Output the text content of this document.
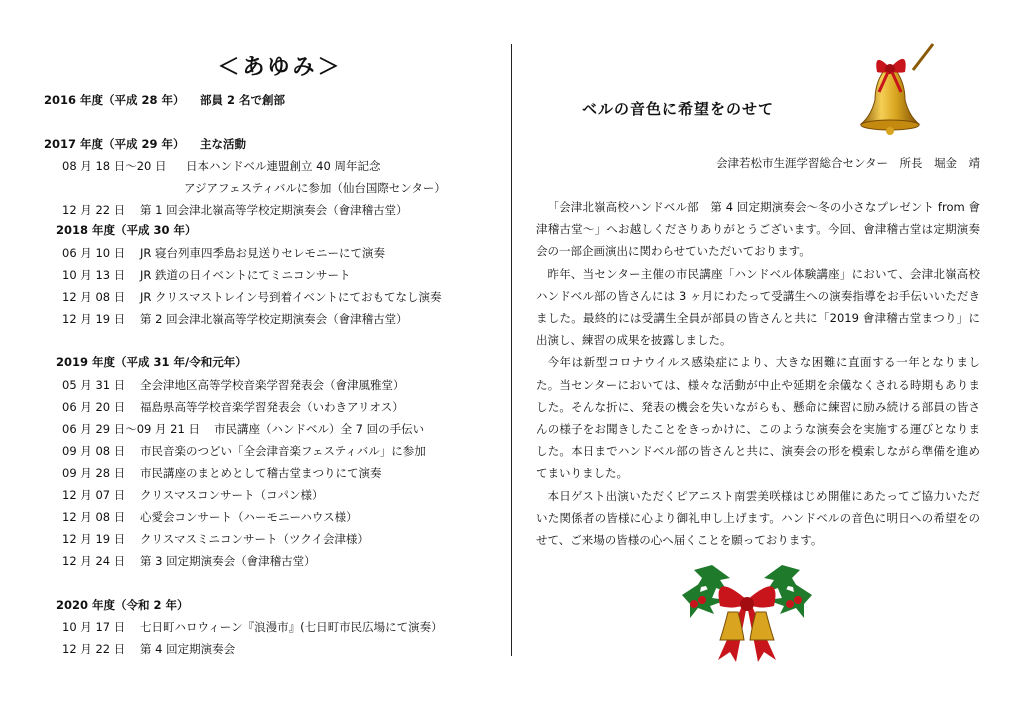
＜あゆみ＞
2016 年度（平成 28 年） 部員 2 名で創部
2017 年度（平成 29 年） 主な活動
08 月 18 日〜20 日 日本ハンドベル連盟創立 40 周年記念
アジアフェスティバルに参加（仙台国際センター）
12 月 22 日 第 1 回会津北嶺高等学校定期演奏会（會津稽古堂）
2018 年度（平成 30 年）
06 月 10 日 JR 寝台列車四季島お見送りセレモニーにて演奏
10 月 13 日 JR 鉄道の日イベントにてミニコンサート
12 月 08 日 JR クリスマストレイン号到着イベントにておもてなし演奏
12 月 19 日 第 2 回会津北嶺高等学校定期演奏会（會津稽古堂）
2019 年度（平成 31 年/令和元年）
05 月 31 日 全会津地区高等学校音楽学習発表会（會津風雅堂）
06 月 20 日 福島県高等学校音楽学習発表会（いわきアリオス）
06 月 29 日〜09 月 21 日 市民講座（ハンドベル）全 7 回の手伝い
09 月 08 日 市民音楽のつどい「全会津音楽フェスティバル」に参加
09 月 28 日 市民講座のまとめとして稽古堂まつりにて演奏
12 月 07 日 クリスマスコンサート（コパン様）
12 月 08 日 心愛会コンサート（ハーモニーハウス様）
12 月 19 日 クリスマスミニコンサート（ツクイ会津様）
12 月 24 日 第 3 回定期演奏会（會津稽古堂）
2020 年度（令和 2 年）
10 月 17 日 七日町ハロウィーン『浪漫市』(七日町市民広場にて演奏）
12 月 22 日 第 4 回定期演奏会
ベルの音色に希望をのせて
会津若松市生涯学習総合センター　所長　堀金　靖

「会津北嶺高校ハンドベル部　第 4 回定期演奏会〜冬の小さなプレゼント from 會津稽古堂〜」へお越しくださりありがとうございます。今回、會津稽古堂は定期演奏会の一部企画演出に関わらせていただいております。

昨年、当センター主催の市民講座「ハンドベル体験講座」において、会津北嶺高校ハンドベル部の皆さんには 3 ヶ月にわたって受講生への演奏指導をお手伝いいただきました。最終的には受講生全員が部員の皆さんと共に「2019 會津稽古堂まつり」に出演し、練習の成果を披露しました。

今年は新型コロナウイルス感染症により、大きな困難に直面する一年となりました。当センターにおいては、様々な活動が中止や延期を余儀なくされる時期もありました。そんな折に、発表の機会を失いながらも、懸命に練習に励み続ける部員の皆さんの様子をお聞きしたことをきっかけに、このような演奏会を実施する運びとなりました。本日までハンドベル部の皆さんと共に、演奏会の形を模索しながら準備を進めてまいりました。

本日ゲスト出演いただくピアニスト南雲美咲様はじめ開催にあたってご協力いただいた関係者の皆様に心より御礼申し上げます。ハンドベルの音色に明日への希望をのせて、ご来場の皆様の心へ届くことを願っております。
